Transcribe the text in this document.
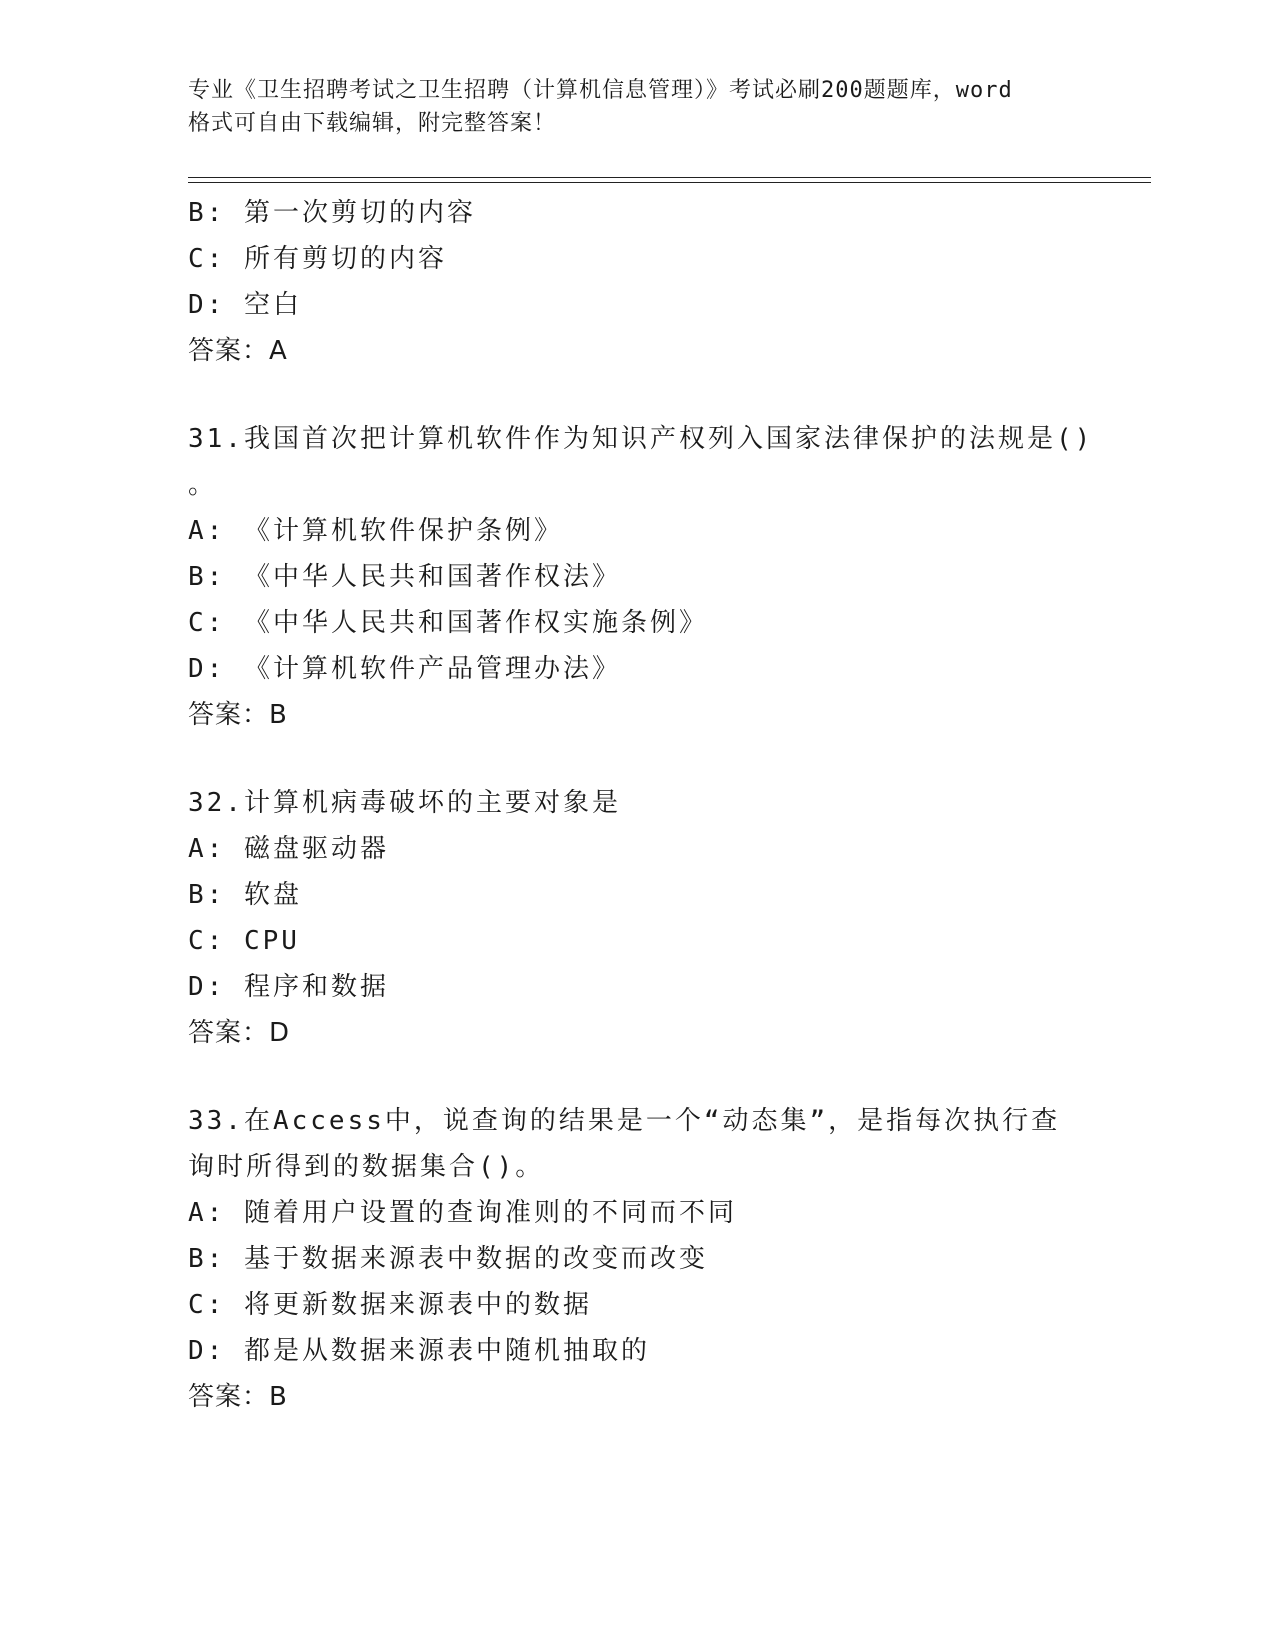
专业《卫生招聘考试之卫生招聘（计算机信息管理）》考试必刷200题题库，word
格式可自由下载编辑，附完整答案！
B: 第一次剪切的内容
C: 所有剪切的内容
D: 空白
答案：A
31.我国首次把计算机软件作为知识产权列入国家法律保护的法规是()
。
A: 《计算机软件保护条例》
B: 《中华人民共和国著作权法》
C: 《中华人民共和国著作权实施条例》
D: 《计算机软件产品管理办法》
答案：B
32.计算机病毒破坏的主要对象是
A: 磁盘驱动器
B: 软盘
C: CPU
D: 程序和数据
答案：D
33.在Access中，说查询的结果是一个“动态集”，是指每次执行查
询时所得到的数据集合()。
A: 随着用户设置的查询准则的不同而不同
B: 基于数据来源表中数据的改变而改变
C: 将更新数据来源表中的数据
D: 都是从数据来源表中随机抽取的
答案：B
